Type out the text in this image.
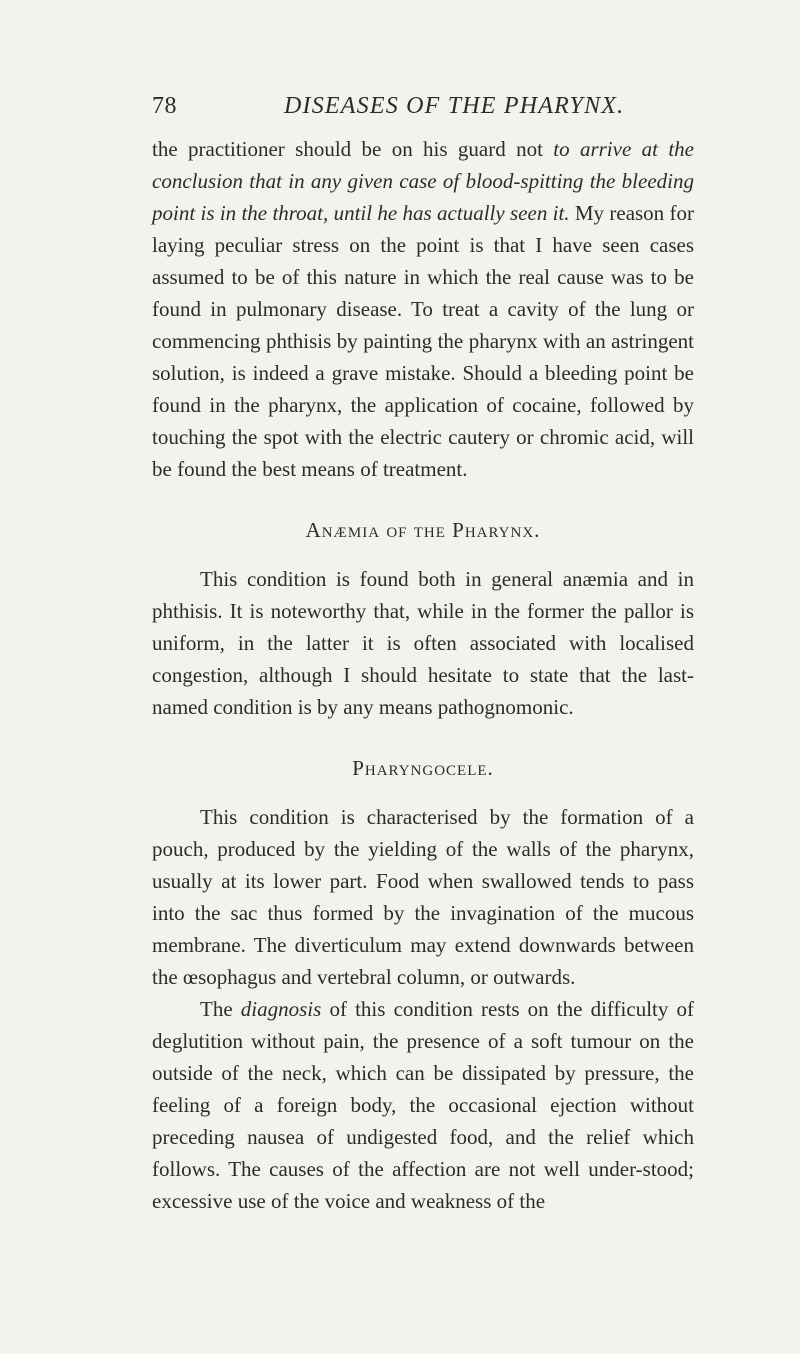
78	DISEASES OF THE PHARYNX.

the practitioner should be on his guard not to arrive at the conclusion that in any given case of blood-spitting the bleeding point is in the throat, until he has actually seen it. My reason for laying peculiar stress on the point is that I have seen cases assumed to be of this nature in which the real cause was to be found in pulmonary disease. To treat a cavity of the lung or commencing phthisis by painting the pharynx with an astringent solution, is indeed a grave mistake. Should a bleeding point be found in the pharynx, the application of cocaine, followed by touching the spot with the electric cautery or chromic acid, will be found the best means of treatment.

Anæmia of the Pharynx.

This condition is found both in general anæmia and in phthisis. It is noteworthy that, while in the former the pallor is uniform, in the latter it is often associated with localised congestion, although I should hesitate to state that the last-named condition is by any means pathognomonic.

Pharyngocele.

This condition is characterised by the formation of a pouch, produced by the yielding of the walls of the pharynx, usually at its lower part. Food when swallowed tends to pass into the sac thus formed by the invagination of the mucous membrane. The diverticulum may extend downwards between the œsophagus and vertebral column, or outwards.

The diagnosis of this condition rests on the difficulty of deglutition without pain, the presence of a soft tumour on the outside of the neck, which can be dissipated by pressure, the feeling of a foreign body, the occasional ejection without preceding nausea of undigested food, and the relief which follows. The causes of the affection are not well under-stood; excessive use of the voice and weakness of the
